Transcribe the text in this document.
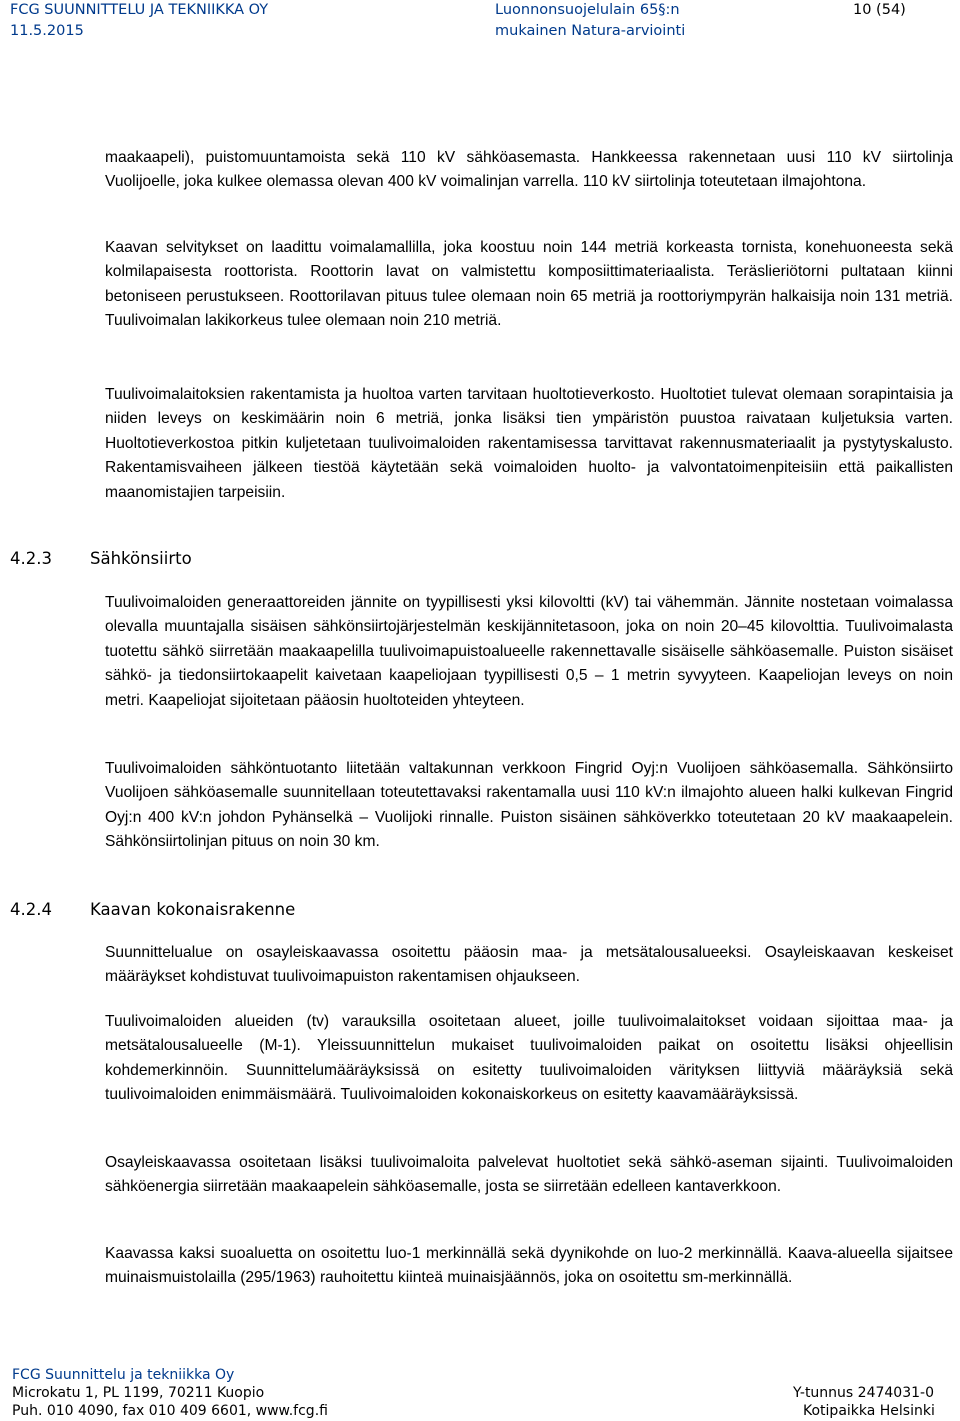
FCG SUUNNITTELU JA TEKNIIKKA OY
11.5.2015
Luonnonsuojelulain 65§:n
mukainen Natura-arviointi
10 (54)

maakaapeli), puistomuuntamoista sekä 110 kV sähköasemasta. Hankkeessa rakennetaan uusi 110 kV siirtolinja Vuolijoelle, joka kulkee olemassa olevan 400 kV voimalinjan varrella. 110 kV siirtolinja toteutetaan ilmajohtona.

Kaavan selvitykset on laadittu voimalamallilla, joka koostuu noin 144 metriä korkeasta tornista, konehuoneesta sekä kolmilapaisesta roottorista. Roottorin lavat on valmistettu komposiittimateriaalista. Teräslieriötorni pultataan kiinni betoniseen perustukseen. Roottorilavan pituus tulee olemaan noin 65 metriä ja roottoriympyrän halkaisija noin 131 metriä. Tuulivoimalan lakikorkeus tulee olemaan noin 210 metriä.

Tuulivoimalaitoksien rakentamista ja huoltoa varten tarvitaan huoltotieverkosto. Huoltotiet tulevat olemaan sorapintaisia ja niiden leveys on keskimäärin noin 6 metriä, jonka lisäksi tien ympäristön puustoa raivataan kuljetuksia varten. Huoltotieverkostoa pitkin kuljetetaan tuulivoimaloiden rakentamisessa tarvittavat rakennusmateriaalit ja pystytyskalusto. Rakentamisvaiheen jälkeen tiestöä käytetään sekä voimaloiden huolto- ja valvontatoimenpiteisiin että paikallisten maanomistajien tarpeisiin.

4.2.3 Sähkönsiirto

Tuulivoimaloiden generaattoreiden jännite on tyypillisesti yksi kilovoltti (kV) tai vähemmän. Jännite nostetaan voimalassa olevalla muuntajalla sisäisen sähkönsiirtojärjestelmän keskijännitetasoon, joka on noin 20–45 kilovolttia. Tuulivoimalasta tuotettu sähkö siirretään maakaapelilla tuulivoimapuistoalueelle rakennettavalle sisäiselle sähköasemalle. Puiston sisäiset sähkö- ja tiedonsiirtokaapelit kaivetaan kaapeliojaan tyypillisesti 0,5 – 1 metrin syvyyteen. Kaapeliojan leveys on noin metri. Kaapeliojat sijoitetaan pääosin huoltoteiden yhteyteen.

Tuulivoimaloiden sähköntuotanto liitetään valtakunnan verkkoon Fingrid Oyj:n Vuolijoen sähköasemalla. Sähkönsiirto Vuolijoen sähköasemalle suunnitellaan toteutettavaksi rakentamalla uusi 110 kV:n ilmajohto alueen halki kulkevan Fingrid Oyj:n 400 kV:n johdon Pyhänselkä – Vuolijoki rinnalle. Puiston sisäinen sähköverkko toteutetaan 20 kV maakaapelein. Sähkönsiirtolinjan pituus on noin 30 km.

4.2.4 Kaavan kokonaisrakenne

Suunnittelualue on osayleiskaavassa osoitettu pääosin maa- ja metsätalousalueeksi. Osayleiskaavan keskeiset määräykset kohdistuvat tuulivoimapuiston rakentamisen ohjaukseen.

Tuulivoimaloiden alueiden (tv) varauksilla osoitetaan alueet, joille tuulivoimalaitokset voidaan sijoittaa maa- ja metsätalousalueelle (M-1). Yleissuunnittelun mukaiset tuulivoimaloiden paikat on osoitettu lisäksi ohjeellisin kohdemerkinnöin. Suunnittelumääräyksissä on esitetty tuulivoimaloiden värityksen liittyviä määräyksiä sekä tuulivoimaloiden enimmäismäärä. Tuulivoimaloiden kokonaiskorkeus on esitetty kaavamääräyksissä.

Osayleiskaavassa osoitetaan lisäksi tuulivoimaloita palvelevat huoltotiet sekä sähkö-aseman sijainti. Tuulivoimaloiden sähköenergia siirretään maakaapelein sähköasemalle, josta se siirretään edelleen kantaverkkoon.

Kaavassa kaksi suoaluetta on osoitettu luo-1 merkinnällä sekä dyynikohde on luo-2 merkinnällä. Kaava-alueella sijaitsee muinaismuistolailla (295/1963) rauhoitettu kiinteä muinaisjäännös, joka on osoitettu sm-merkinnällä.

FCG Suunnittelu ja tekniikka Oy
Microkatu 1, PL 1199, 70211 Kuopio
Puh. 010 4090, fax 010 409 6601, www.fcg.fi
Y-tunnus 2474031-0
Kotipaikka Helsinki
